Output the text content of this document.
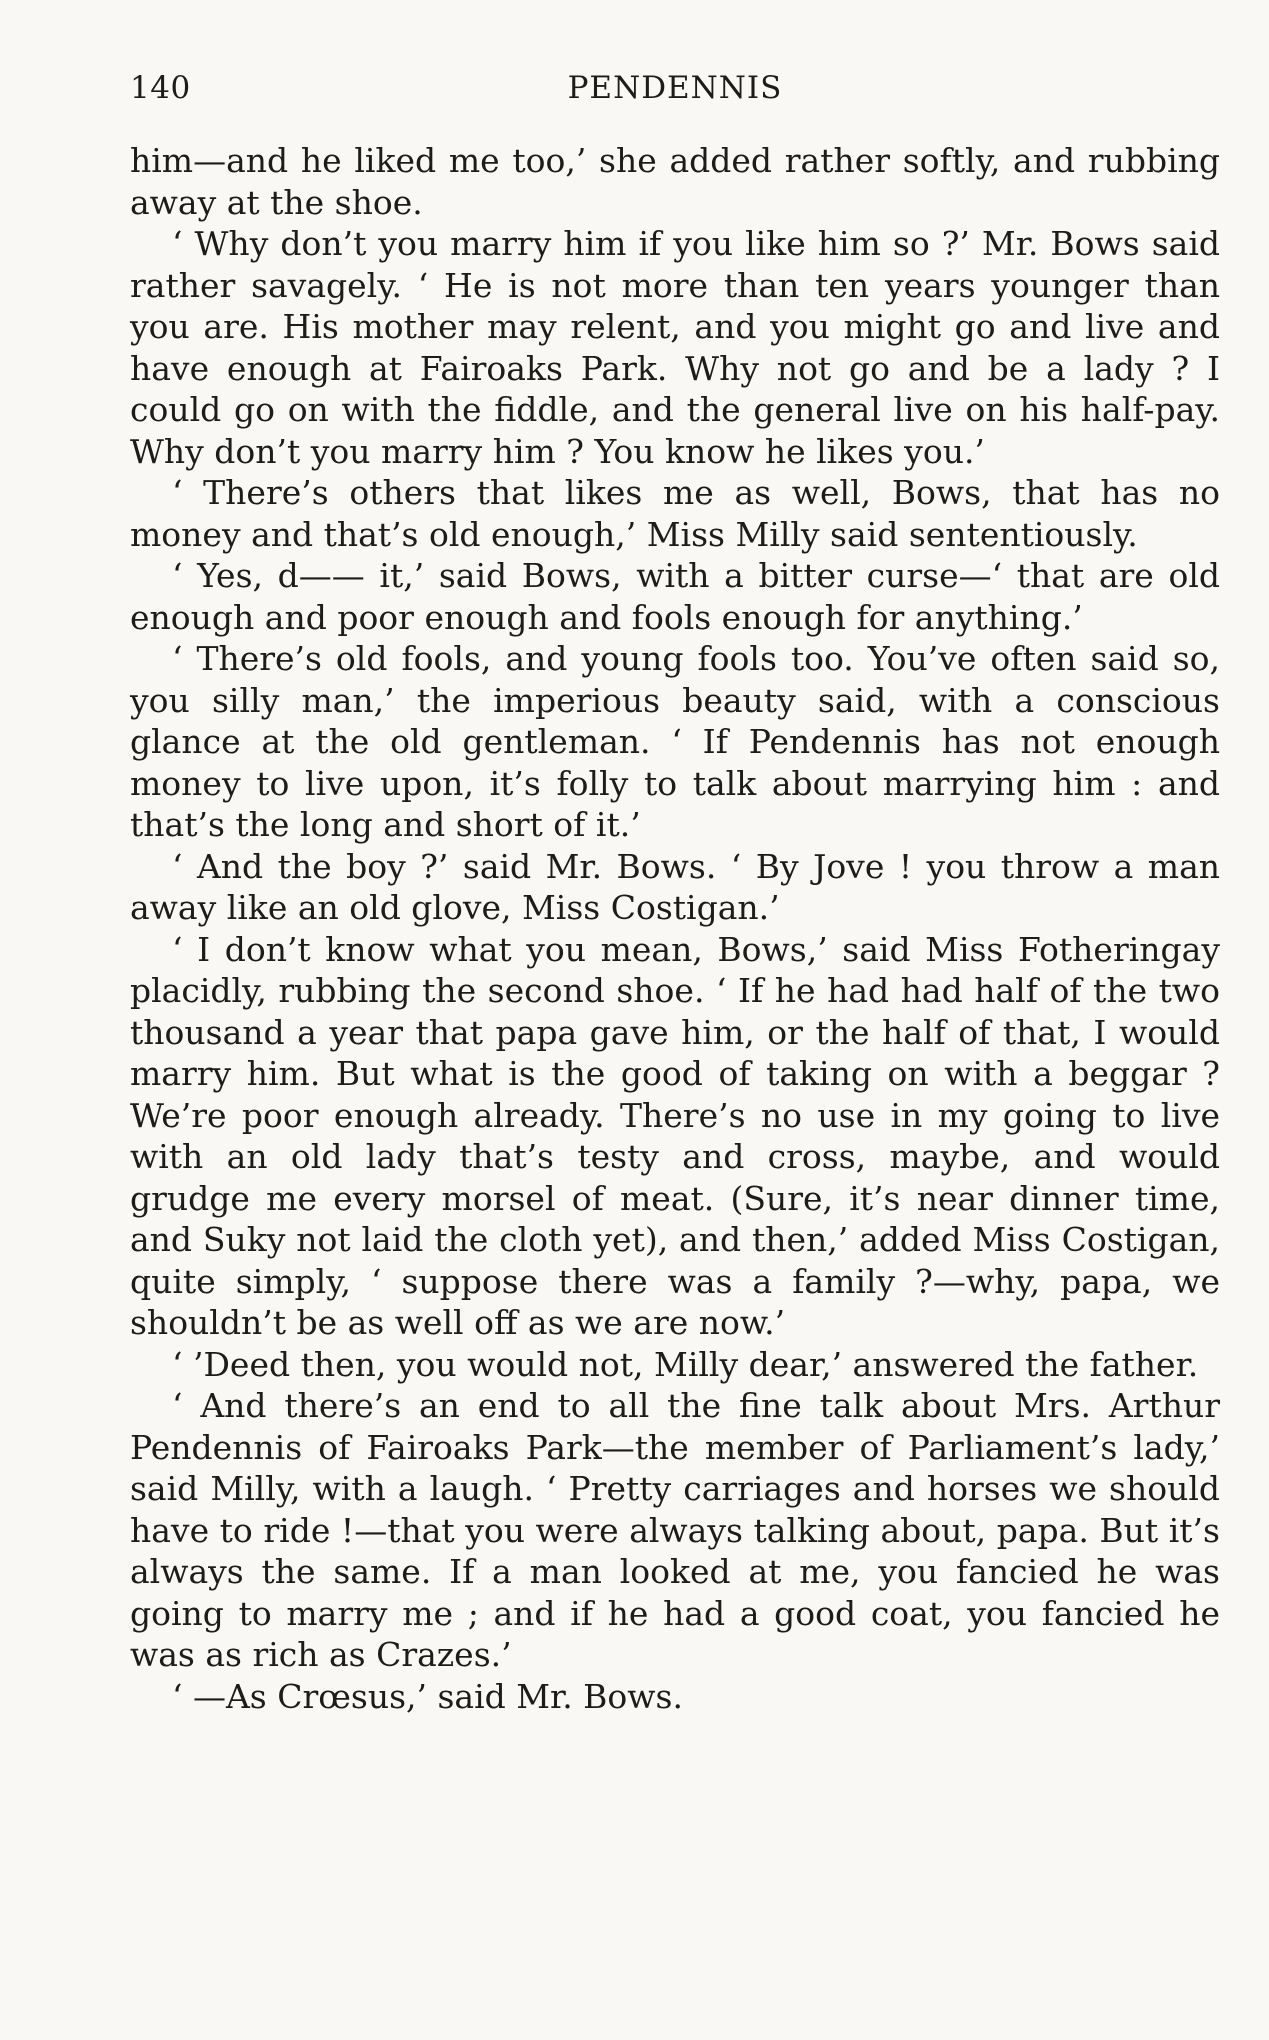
140	PENDENNIS

him—and he liked me too,’ she added rather softly, and rubbing away at the shoe.

‘ Why don’t you marry him if you like him so ?’ Mr. Bows said rather savagely. ‘ He is not more than ten years younger than you are. His mother may relent, and you might go and live and have enough at Fairoaks Park. Why not go and be a lady ? I could go on with the fiddle, and the general live on his half-pay. Why don’t you marry him ? You know he likes you.’

‘ There’s others that likes me as well, Bows, that has no money and that’s old enough,’ Miss Milly said sententiously.

‘ Yes, d—— it,’ said Bows, with a bitter curse—‘ that are old enough and poor enough and fools enough for anything.’

‘ There’s old fools, and young fools too. You’ve often said so, you silly man,’ the imperious beauty said, with a conscious glance at the old gentleman. ‘ If Pendennis has not enough money to live upon, it’s folly to talk about marrying him : and that’s the long and short of it.’

‘ And the boy ?’ said Mr. Bows. ‘ By Jove ! you throw a man away like an old glove, Miss Costigan.’

‘ I don’t know what you mean, Bows,’ said Miss Fotheringay placidly, rubbing the second shoe. ‘ If he had had half of the two thousand a year that papa gave him, or the half of that, I would marry him. But what is the good of taking on with a beggar ? We’re poor enough already. There’s no use in my going to live with an old lady that’s testy and cross, maybe, and would grudge me every morsel of meat. (Sure, it’s near dinner time, and Suky not laid the cloth yet), and then,’ added Miss Costigan, quite simply, ‘ suppose there was a family ?—why, papa, we shouldn’t be as well off as we are now.’

‘ ’Deed then, you would not, Milly dear,’ answered the father.

‘ And there’s an end to all the fine talk about Mrs. Arthur Pendennis of Fairoaks Park—the member of Parliament’s lady,’ said Milly, with a laugh. ‘ Pretty carriages and horses we should have to ride !—that you were always talking about, papa. But it’s always the same. If a man looked at me, you fancied he was going to marry me ; and if he had a good coat, you fancied he was as rich as Crazes.’

‘ —As Crœsus,’ said Mr. Bows.
